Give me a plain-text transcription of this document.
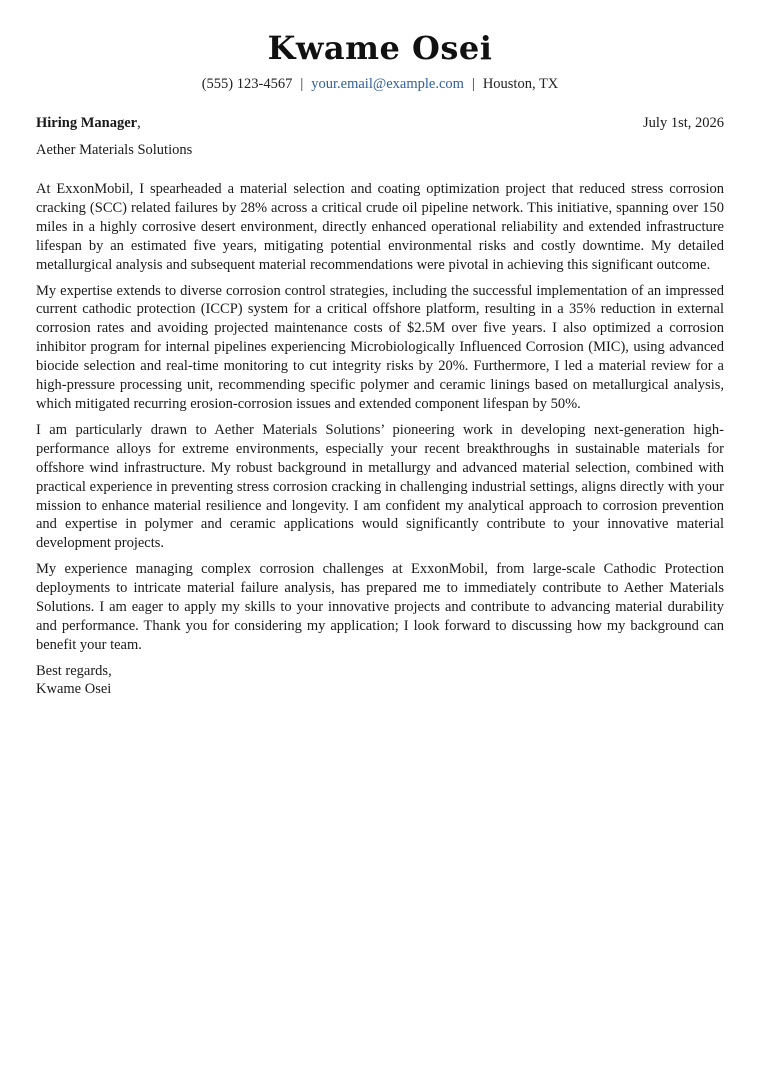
Kwame Osei
(555) 123-4567 | your.email@example.com | Houston, TX
Hiring Manager,	July 1st, 2026
Aether Materials Solutions

At ExxonMobil, I spearheaded a material selection and coating optimization project that reduced stress corrosion cracking (SCC) related failures by 28% across a critical crude oil pipeline network. This initiative, spanning over 150 miles in a highly corrosive desert environment, directly enhanced operational reliability and extended infrastructure lifespan by an estimated five years, mitigating potential environmental risks and costly downtime. My detailed metallurgical analysis and subsequent material recommendations were pivotal in achieving this significant outcome.

My expertise extends to diverse corrosion control strategies, including the successful implementation of an impressed current cathodic protection (ICCP) system for a critical offshore platform, resulting in a 35% reduction in external corrosion rates and avoiding projected maintenance costs of $2.5M over five years. I also optimized a corrosion inhibitor program for internal pipelines experiencing Microbiologically Influenced Corrosion (MIC), using advanced biocide selection and real-time monitoring to cut integrity risks by 20%. Furthermore, I led a material review for a high-pressure processing unit, recommending specific polymer and ceramic linings based on metallurgical analysis, which mitigated recurring erosion-corrosion issues and extended component lifespan by 50%.

I am particularly drawn to Aether Materials Solutions’ pioneering work in developing next-generation high-performance alloys for extreme environments, especially your recent breakthroughs in sustainable materials for offshore wind infrastructure. My robust background in metallurgy and advanced material selection, combined with practical experience in preventing stress corrosion cracking in challenging industrial settings, aligns directly with your mission to enhance material resilience and longevity. I am confident my analytical approach to corrosion prevention and expertise in polymer and ceramic applications would significantly contribute to your innovative material development projects.

My experience managing complex corrosion challenges at ExxonMobil, from large-scale Cathodic Protection deployments to intricate material failure analysis, has prepared me to immediately contribute to Aether Materials Solutions. I am eager to apply my skills to your innovative projects and contribute to advancing material durability and performance. Thank you for considering my application; I look forward to discussing how my background can benefit your team.

Best regards,
Kwame Osei
